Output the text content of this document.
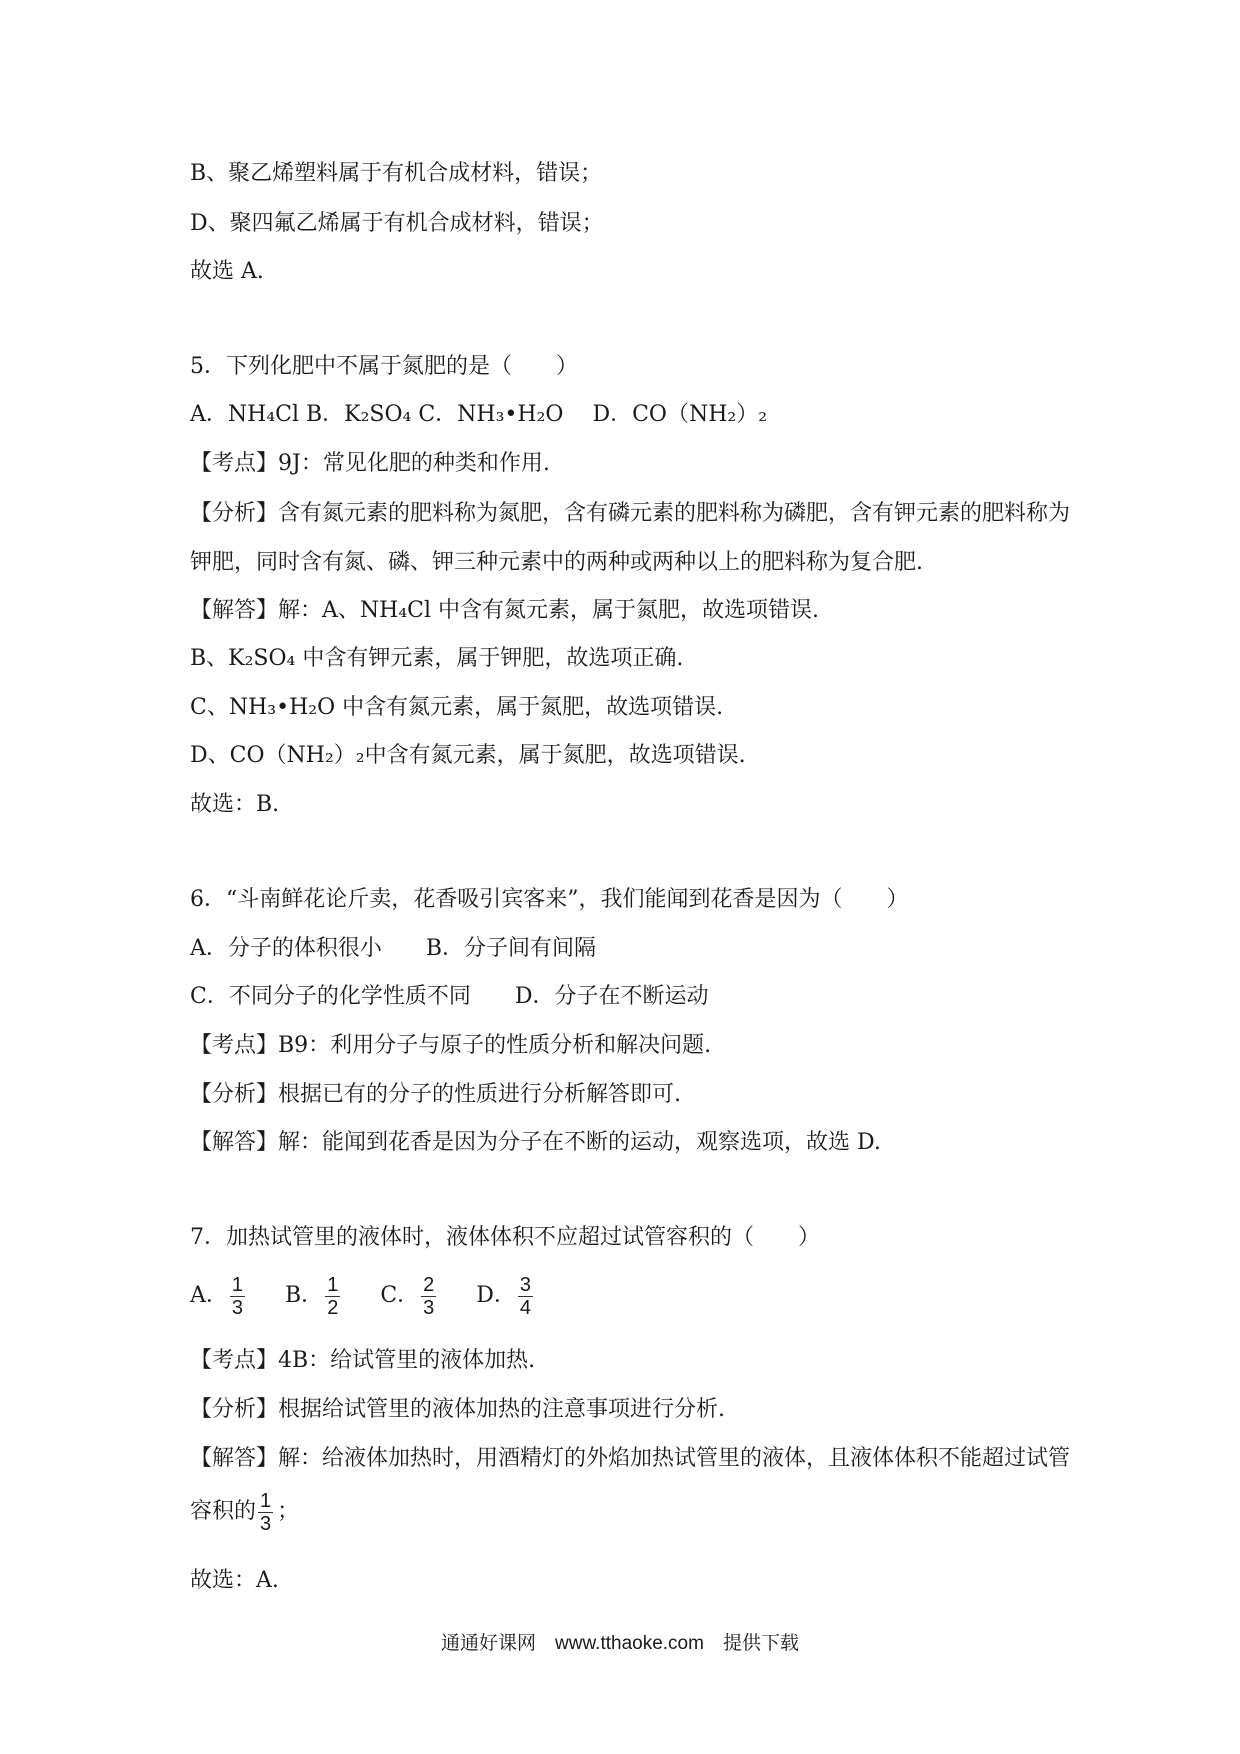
B、聚乙烯塑料属于有机合成材料，错误；
D、聚四氟乙烯属于有机合成材料，错误；
故选 A.
5．下列化肥中不属于氮肥的是（　　）
A．NH₄Cl B．K₂SO₄ C．NH₃•H₂O　 D．CO（NH₂）₂
【考点】9J：常见化肥的种类和作用.
【分析】含有氮元素的肥料称为氮肥，含有磷元素的肥料称为磷肥，含有钾元素的肥料称为
钾肥，同时含有氮、磷、钾三种元素中的两种或两种以上的肥料称为复合肥.
【解答】解：A、NH₄Cl 中含有氮元素，属于氮肥，故选项错误.
B、K₂SO₄ 中含有钾元素，属于钾肥，故选项正确.
C、NH₃•H₂O 中含有氮元素，属于氮肥，故选项错误.
D、CO（NH₂）₂中含有氮元素，属于氮肥，故选项错误.
故选：B.
6．“斗南鲜花论斤卖，花香吸引宾客来”，我们能闻到花香是因为（　　）
A．分子的体积很小　　B．分子间有间隔
C．不同分子的化学性质不同　　D．分子在不断运动
【考点】B9：利用分子与原子的性质分析和解决问题.
【分析】根据已有的分子的性质进行分析解答即可.
【解答】解：能闻到花香是因为分子在不断的运动，观察选项，故选 D.
7．加热试管里的液体时，液体体积不应超过试管容积的（　　）
A． $\frac{1}{3}$ B． $\frac{1}{2}$ C． $\frac{2}{3}$ D． $\frac{3}{4}$
【考点】4B：给试管里的液体加热.
【分析】根据给试管里的液体加热的注意事项进行分析.
【解答】解：给液体加热时，用酒精灯的外焰加热试管里的液体，且液体体积不能超过试管
容积的 $\frac{1}{3}$ ；
故选：A.
通通好课网　www.tthaoke.com　提供下载
